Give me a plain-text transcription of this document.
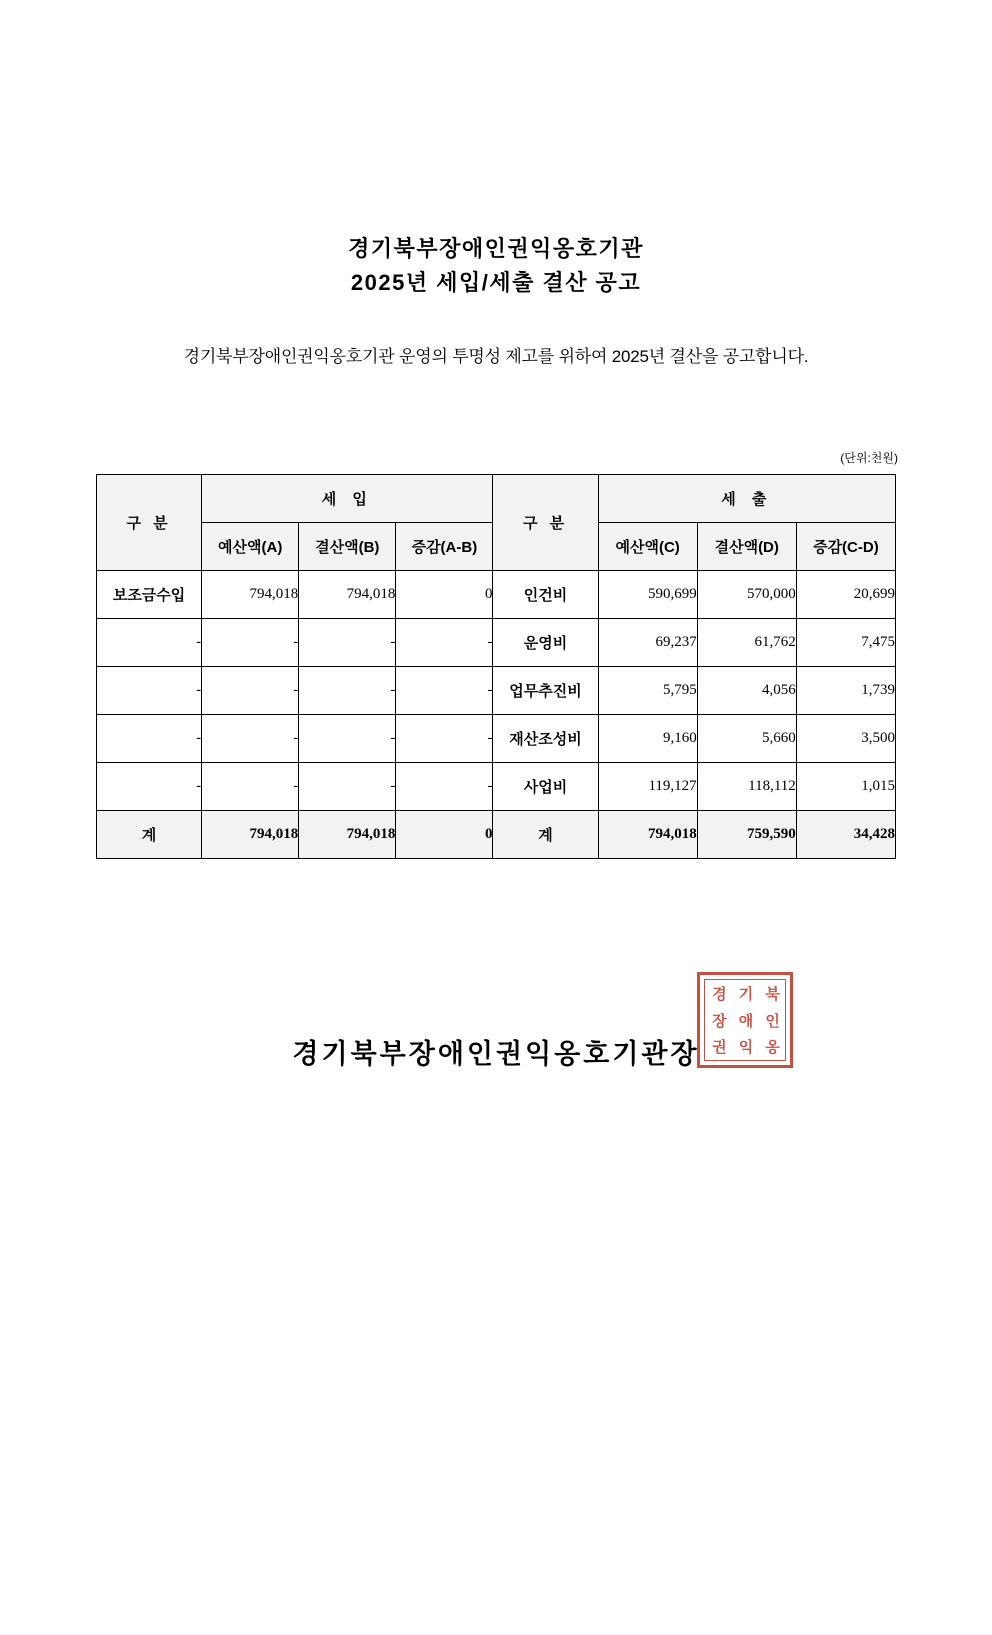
경기북부장애인권익옹호기관
2025년 세입/세출 결산 공고
경기북부장애인권익옹호기관 운영의 투명성 제고를 위하여 2025년 결산을 공고합니다.
(단위:천원)
구 분	세 입			구 분	세 출		
	예산액(A)	결산액(B)	증감(A-B)		예산액(C)	결산액(D)	증감(C-D)
보조금수입	794,018	794,018	0	인건비	590,699	570,000	20,699
-	-	-	-	운영비	69,237	61,762	7,475
-	-	-	-	업무추진비	5,795	4,056	1,739
-	-	-	-	재산조성비	9,160	5,660	3,500
-	-	-	-	사업비	119,127	118,112	1,015
계	794,018	794,018	0	계	794,018	759,590	34,428
경기북부장애인권익옹호기관장
경 기 북
장 애 인
권 익 옹
